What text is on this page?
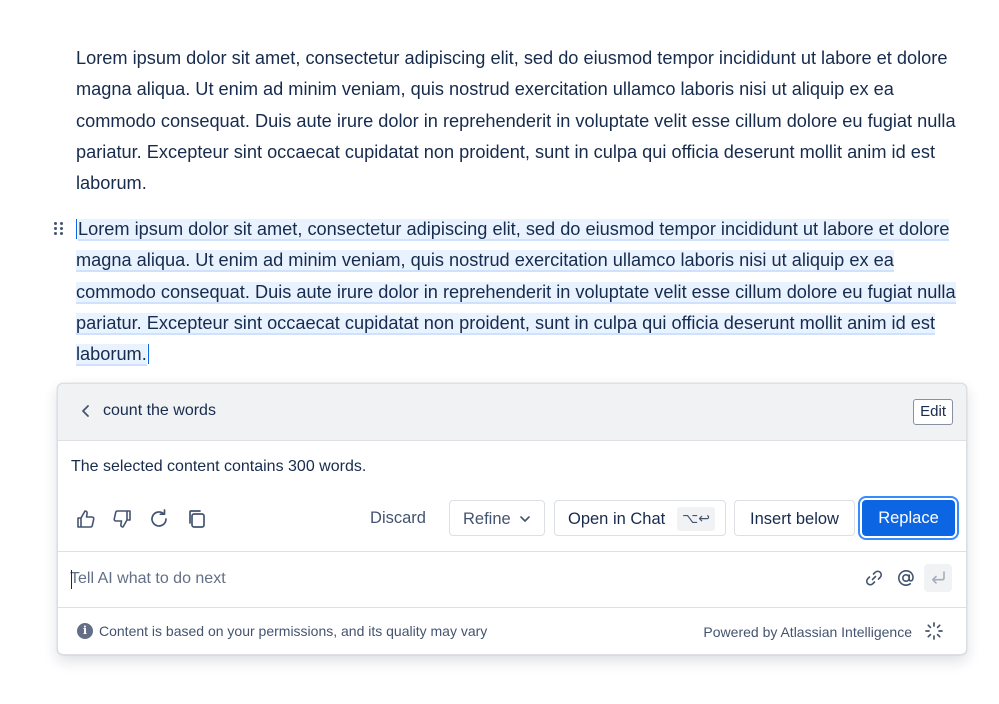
Lorem ipsum dolor sit amet, consectetur adipiscing elit, sed do eiusmod tempor incididunt ut labore et dolore magna aliqua. Ut enim ad minim veniam, quis nostrud exercitation ullamco laboris nisi ut aliquip ex ea commodo consequat. Duis aute irure dolor in reprehenderit in voluptate velit esse cillum dolore eu fugiat nulla pariatur. Excepteur sint occaecat cupidatat non proident, sunt in culpa qui officia deserunt mollit anim id est laborum.
Lorem ipsum dolor sit amet, consectetur adipiscing elit, sed do eiusmod tempor incididunt ut labore et dolore magna aliqua. Ut enim ad minim veniam, quis nostrud exercitation ullamco laboris nisi ut aliquip ex ea commodo consequat. Duis aute irure dolor in reprehenderit in voluptate velit esse cillum dolore eu fugiat nulla pariatur. Excepteur sint occaecat cupidatat non proident, sunt in culpa qui officia deserunt mollit anim id est laborum.
count the words	Edit
The selected content contains 300 words.
Discard	Refine	Open in Chat	⌥↩	Insert below	Replace
Tell AI what to do next
i Content is based on your permissions, and its quality may vary	Powered by Atlassian Intelligence
